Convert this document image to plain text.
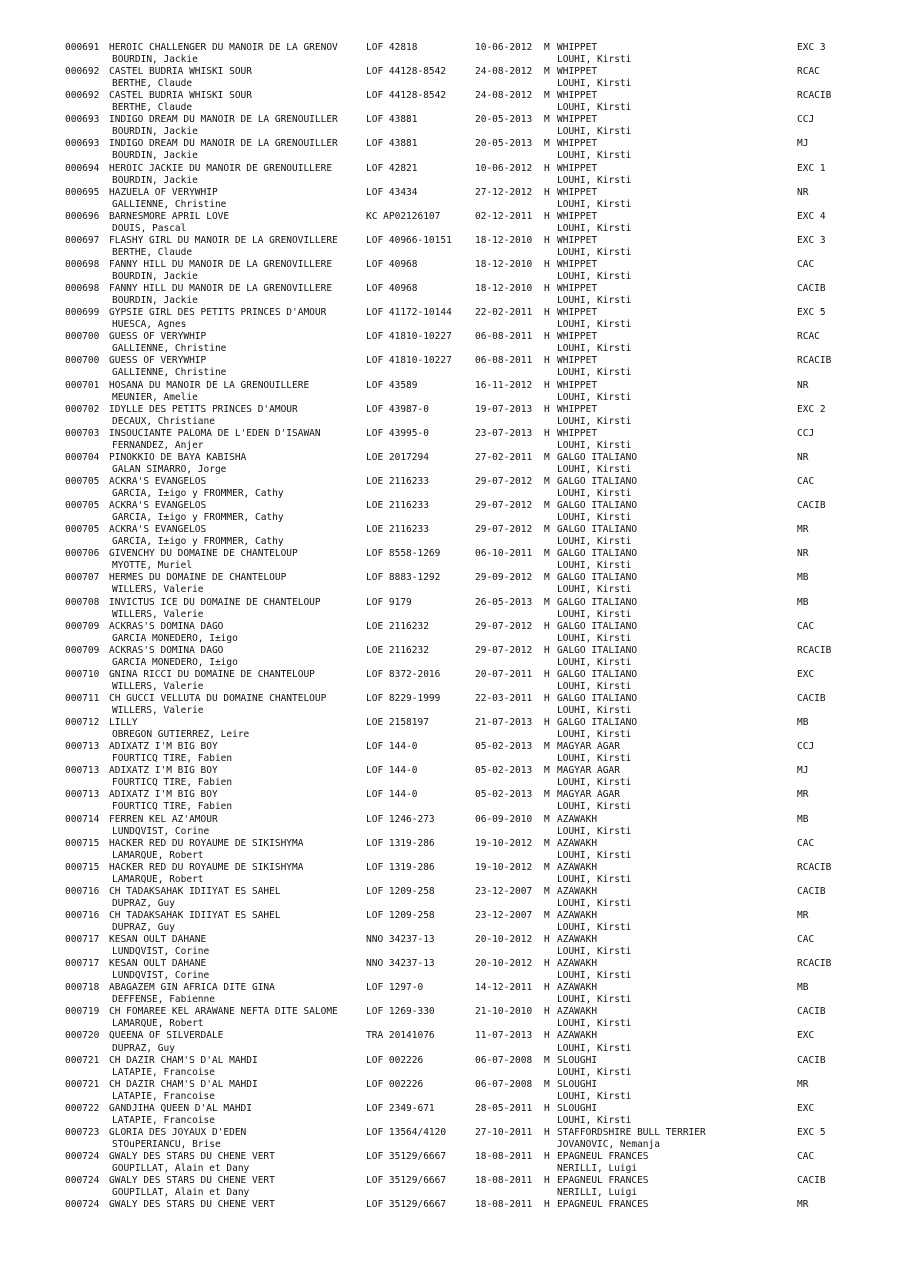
000691 HEROIC CHALLENGER DU MANOIR DE LA GRENOV	LOF 42818	10-06-2012 M WHIPPET	EXC 3
BOURDIN, Jackie	LOUHI, Kirsti
000692 CASTEL BUDRIA WHISKI SOUR	LOF 44128-8542	24-08-2012 M WHIPPET	RCAC
BERTHE, Claude	LOUHI, Kirsti
000692 CASTEL BUDRIA WHISKI SOUR	LOF 44128-8542	24-08-2012 M WHIPPET	RCACIB
BERTHE, Claude	LOUHI, Kirsti
000693 INDIGO DREAM DU MANOIR DE LA GRENOUILLER	LOF 43881	20-05-2013 M WHIPPET	CCJ
BOURDIN, Jackie	LOUHI, Kirsti
000693 INDIGO DREAM DU MANOIR DE LA GRENOUILLER	LOF 43881	20-05-2013 M WHIPPET	MJ
BOURDIN, Jackie	LOUHI, Kirsti
000694 HEROIC JACKIE DU MANOIR DE GRENOUILLERE	LOF 42821	10-06-2012 H WHIPPET	EXC 1
BOURDIN, Jackie	LOUHI, Kirsti
000695 HAZUELA OF VERYWHIP	LOF 43434	27-12-2012 H WHIPPET	NR
GALLIENNE, Christine	LOUHI, Kirsti
000696 BARNESMORE APRIL LOVE	KC AP02126107	02-12-2011 H WHIPPET	EXC 4
DOUIS, Pascal	LOUHI, Kirsti
000697 FLASHY GIRL DU MANOIR DE LA GRENOVILLERE	LOF 40966-10151 18-12-2010 H WHIPPET	EXC 3
BERTHE, Claude	LOUHI, Kirsti
000698 FANNY HILL DU MANOIR DE LA GRENOVILLERE	LOF 40968	18-12-2010 H WHIPPET	CAC
BOURDIN, Jackie	LOUHI, Kirsti
000698 FANNY HILL DU MANOIR DE LA GRENOVILLERE	LOF 40968	18-12-2010 H WHIPPET	CACIB
BOURDIN, Jackie	LOUHI, Kirsti
000699 GYPSIE GIRL DES PETITS PRINCES D'AMOUR	LOF 41172-10144 22-02-2011 H WHIPPET	EXC 5
HUESCA, Agnes	LOUHI, Kirsti
000700 GUESS OF VERYWHIP	LOF 41810-10227 06-08-2011 H WHIPPET	RCAC
GALLIENNE, Christine	LOUHI, Kirsti
000700 GUESS OF VERYWHIP	LOF 41810-10227 06-08-2011 H WHIPPET	RCACIB
GALLIENNE, Christine	LOUHI, Kirsti
000701 HOSANA DU MANOIR DE LA GRENOUILLERE	LOF 43589	16-11-2012 H WHIPPET	NR
MEUNIER, Amelie	LOUHI, Kirsti
000702 IDYLLE DES PETITS PRINCES D'AMOUR	LOF 43987-0	19-07-2013 H WHIPPET	EXC 2
DECAUX, Christiane	LOUHI, Kirsti
000703 INSOUCIANTE PALOMA DE L'EDEN D'ISAWAN	LOF 43995-0	23-07-2013 H WHIPPET	CCJ
FERNANDEZ, Anjer	LOUHI, Kirsti
000704 PINOKKIO DE BAYA KABISHA	LOE 2017294	27-02-2011 M GALGO ITALIANO	NR
GALAN SIMARRO, Jorge	LOUHI, Kirsti
000705 ACKRA'S EVANGELOS	LOE 2116233	29-07-2012 M GALGO ITALIANO	CAC
GARCIA, I±igo y FROMMER, Cathy	LOUHI, Kirsti
000705 ACKRA'S EVANGELOS	LOE 2116233	29-07-2012 M GALGO ITALIANO	CACIB
GARCIA, I±igo y FROMMER, Cathy	LOUHI, Kirsti
000705 ACKRA'S EVANGELOS	LOE 2116233	29-07-2012 M GALGO ITALIANO	MR
GARCIA, I±igo y FROMMER, Cathy	LOUHI, Kirsti
000706 GIVENCHY DU DOMAINE DE CHANTELOUP	LOF 8558-1269	06-10-2011 M GALGO ITALIANO	NR
MYOTTE, Muriel	LOUHI, Kirsti
000707 HERMES DU DOMAINE DE CHANTELOUP	LOF 8883-1292	29-09-2012 M GALGO ITALIANO	MB
WILLERS, Valerie	LOUHI, Kirsti
000708 INVICTUS ICE DU DOMAINE DE CHANTELOUP	LOF 9179	26-05-2013 M GALGO ITALIANO	MB
WILLERS, Valerie	LOUHI, Kirsti
000709 ACKRAS'S DOMINA DAGO	LOE 2116232	29-07-2012 H GALGO ITALIANO	CAC
GARCIA MONEDERO, I±igo	LOUHI, Kirsti
000709 ACKRAS'S DOMINA DAGO	LOE 2116232	29-07-2012 H GALGO ITALIANO	RCACIB
GARCIA MONEDERO, I±igo	LOUHI, Kirsti
000710 GNINA RICCI DU DOMAINE DE CHANTELOUP	LOF 8372-2016	20-07-2011 H GALGO ITALIANO	EXC
WILLERS, Valerie	LOUHI, Kirsti
000711 CH GUCCI VELLUTA DU DOMAINE CHANTELOUP	LOF 8229-1999	22-03-2011 H GALGO ITALIANO	CACIB
WILLERS, Valerie	LOUHI, Kirsti
000712 LILLY	LOE 2158197	21-07-2013 H GALGO ITALIANO	MB
OBREGON GUTIERREZ, Leire	LOUHI, Kirsti
000713 ADIXATZ I'M BIG BOY	LOF 144-0	05-02-2013 M MAGYAR AGAR	CCJ
FOURTICQ TIRE, Fabien	LOUHI, Kirsti
000713 ADIXATZ I'M BIG BOY	LOF 144-0	05-02-2013 M MAGYAR AGAR	MJ
FOURTICQ TIRE, Fabien	LOUHI, Kirsti
000713 ADIXATZ I'M BIG BOY	LOF 144-0	05-02-2013 M MAGYAR AGAR	MR
FOURTICQ TIRE, Fabien	LOUHI, Kirsti
000714 FERREN KEL AZ'AMOUR	LOF 1246-273	06-09-2010 M AZAWAKH	MB
LUNDQVIST, Corine	LOUHI, Kirsti
000715 HACKER RED DU ROYAUME DE SIKISHYMA	LOF 1319-286	19-10-2012 M AZAWAKH	CAC
LAMARQUE, Robert	LOUHI, Kirsti
000715 HACKER RED DU ROYAUME DE SIKISHYMA	LOF 1319-286	19-10-2012 M AZAWAKH	RCACIB
LAMARQUE, Robert	LOUHI, Kirsti
000716 CH TADAKSAHAK IDIIYAT ES SAHEL	LOF 1209-258	23-12-2007 M AZAWAKH	CACIB
DUPRAZ, Guy	LOUHI, Kirsti
000716 CH TADAKSAHAK IDIIYAT ES SAHEL	LOF 1209-258	23-12-2007 M AZAWAKH	MR
DUPRAZ, Guy	LOUHI, Kirsti
000717 KESAN OULT DAHANE	NNO 34237-13	20-10-2012 H AZAWAKH	CAC
LUNDQVIST, Corine	LOUHI, Kirsti
000717 KESAN OULT DAHANE	NNO 34237-13	20-10-2012 H AZAWAKH	RCACIB
LUNDQVIST, Corine	LOUHI, Kirsti
000718 ABAGAZEM GIN AFRICA DITE GINA	LOF 1297-0	14-12-2011 H AZAWAKH	MB
DEFFENSE, Fabienne	LOUHI, Kirsti
000719 CH FOMAREE KEL ARAWANE NEFTA DITE SALOME	LOF 1269-330	21-10-2010 H AZAWAKH	CACIB
LAMARQUE, Robert	LOUHI, Kirsti
000720 QUEENA OF SILVERDALE	TRA 20141076	11-07-2013 H AZAWAKH	EXC
DUPRAZ, Guy	LOUHI, Kirsti
000721 CH DAZIR CHAM'S D'AL MAHDI	LOF 002226	06-07-2008 M SLOUGHI	CACIB
LATAPIE, Francoise	LOUHI, Kirsti
000721 CH DAZIR CHAM'S D'AL MAHDI	LOF 002226	06-07-2008 M SLOUGHI	MR
LATAPIE, Francoise	LOUHI, Kirsti
000722 GANDJIHA QUEEN D'AL MAHDI	LOF 2349-671	28-05-2011 H SLOUGHI	EXC
LATAPIE, Francoise	LOUHI, Kirsti
000723 GLORIA DES JOYAUX D'EDEN	LOF 13564/4120	27-10-2011 H STAFFORDSHIRE BULL TERRIER	EXC 5
STOuPERIANCU, Brise	JOVANOVIC, Nemanja
000724 GWALY DES STARS DU CHENE VERT	LOF 35129/6667	18-08-2011 H EPAGNEUL FRANCES	CAC
GOUPILLAT, Alain et Dany	NERILLI, Luigi
000724 GWALY DES STARS DU CHENE VERT	LOF 35129/6667	18-08-2011 H EPAGNEUL FRANCES	CACIB
GOUPILLAT, Alain et Dany	NERILLI, Luigi
000724 GWALY DES STARS DU CHENE VERT	LOF 35129/6667	18-08-2011 H EPAGNEUL FRANCES	MR
